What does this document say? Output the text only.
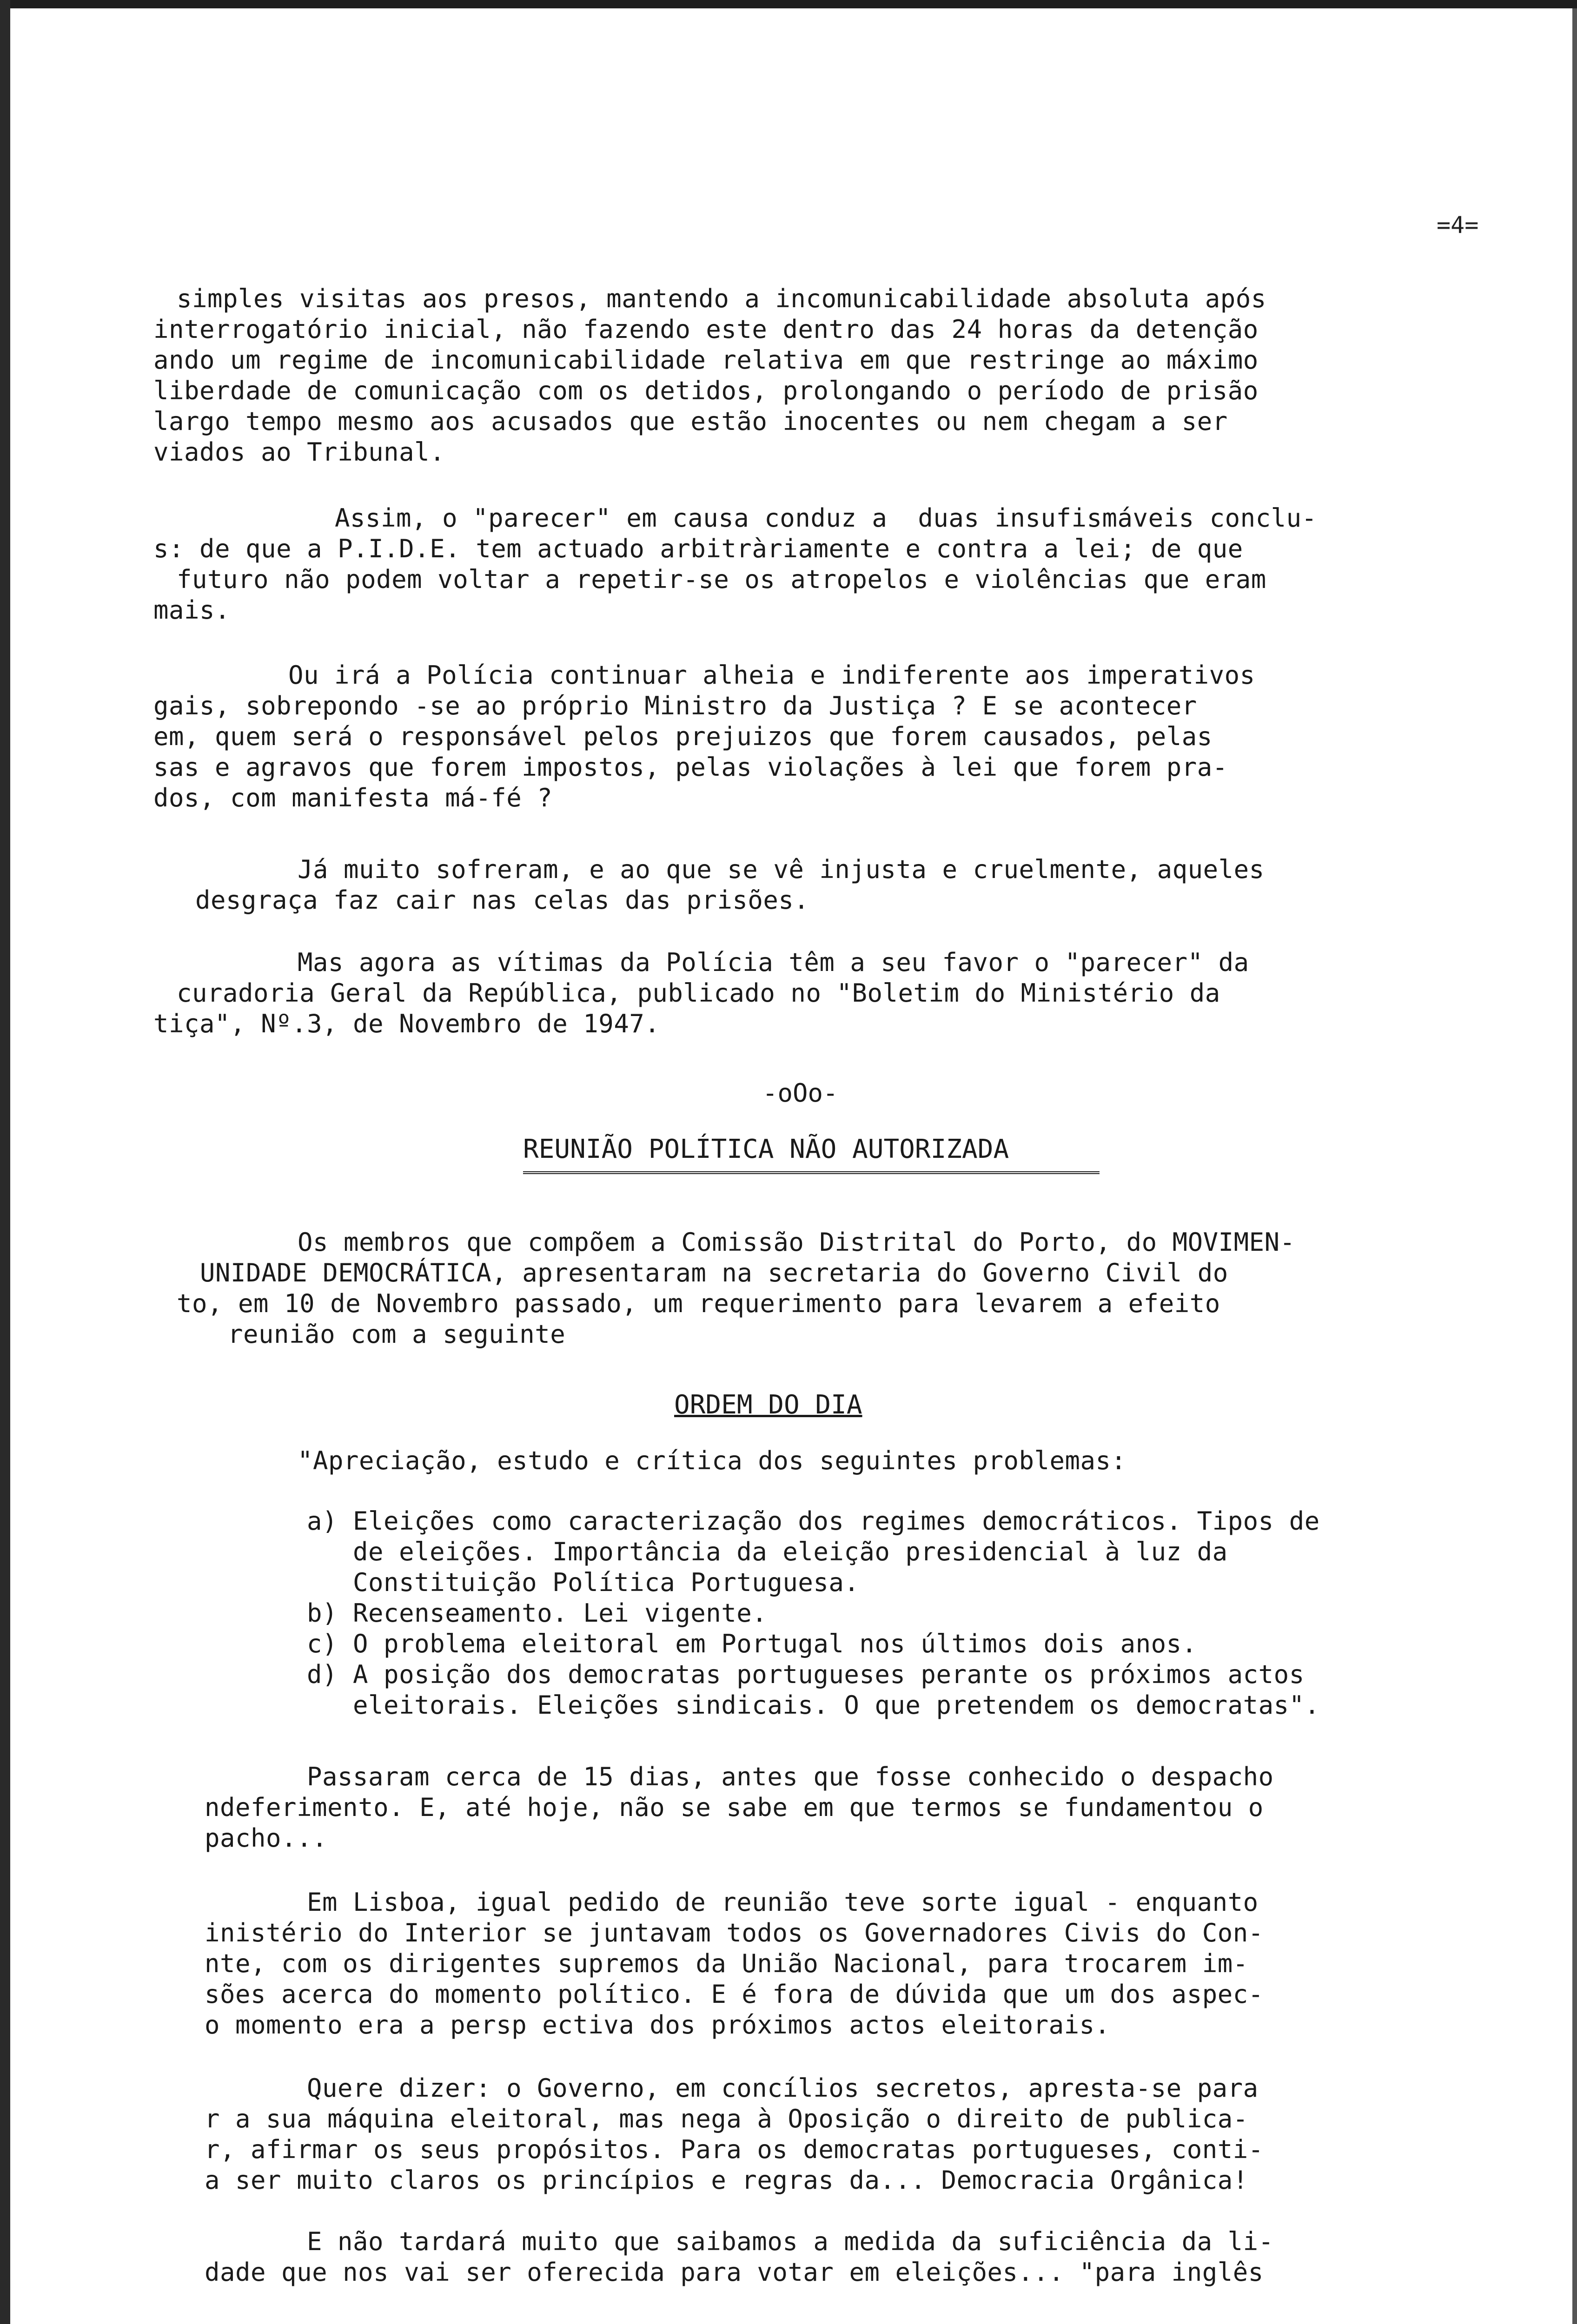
=4=
simples visitas aos presos, mantendo a incomunicabilidade absoluta após
interrogatório inicial, não fazendo este dentro das 24 horas da detenção
ando um regime de incomunicabilidade relativa em que restringe ao máximo
liberdade de comunicação com os detidos, prolongando o período de prisão
largo tempo mesmo aos acusados que estão inocentes ou nem chegam a ser
viados ao Tribunal.
Assim, o "parecer" em causa conduz a  duas insufismáveis conclu-
s: de que a P.I.D.E. tem actuado arbitràriamente e contra a lei; de que
futuro não podem voltar a repetir-se os atropelos e violências que eram
mais.
Ou irá a Polícia continuar alheia e indiferente aos imperativos
gais, sobrepondo -se ao próprio Ministro da Justiça ? E se acontecer
em, quem será o responsável pelos prejuizos que forem causados, pelas
sas e agravos que forem impostos, pelas violações à lei que forem pra-
dos, com manifesta má-fé ?
Já muito sofreram, e ao que se vê injusta e cruelmente, aqueles
desgraça faz cair nas celas das prisões.
Mas agora as vítimas da Polícia têm a seu favor o "parecer" da
curadoria Geral da República, publicado no "Boletim do Ministério da
tiça", Nº.3, de Novembro de 1947.
-oOo-
REUNIÃO POLÍTICA NÃO AUTORIZADA
Os membros que compõem a Comissão Distrital do Porto, do MOVIMEN-
UNIDADE DEMOCRÁTICA, apresentaram na secretaria do Governo Civil do
to, em 10 de Novembro passado, um requerimento para levarem a efeito
reunião com a seguinte
ORDEM DO DIA
"Apreciação, estudo e crítica dos seguintes problemas:
a) Eleições como caracterização dos regimes democráticos. Tipos de
de eleições. Importância da eleição presidencial à luz da
Constituição Política Portuguesa.
b) Recenseamento. Lei vigente.
c) O problema eleitoral em Portugal nos últimos dois anos.
d) A posição dos democratas portugueses perante os próximos actos
eleitorais. Eleições sindicais. O que pretendem os democratas".
Passaram cerca de 15 dias, antes que fosse conhecido o despacho
ndeferimento. E, até hoje, não se sabe em que termos se fundamentou o
pacho...
Em Lisboa, igual pedido de reunião teve sorte igual - enquanto
inistério do Interior se juntavam todos os Governadores Civis do Con-
nte, com os dirigentes supremos da União Nacional, para trocarem im-
sões acerca do momento político. E é fora de dúvida que um dos aspec-
o momento era a persp ectiva dos próximos actos eleitorais.
Quere dizer: o Governo, em concílios secretos, apresta-se para
r a sua máquina eleitoral, mas nega à Oposição o direito de publica-
r, afirmar os seus propósitos. Para os democratas portugueses, conti-
a ser muito claros os princípios e regras da... Democracia Orgânica!
E não tardará muito que saibamos a medida da suficiência da li-
dade que nos vai ser oferecida para votar em eleições... "para inglês
